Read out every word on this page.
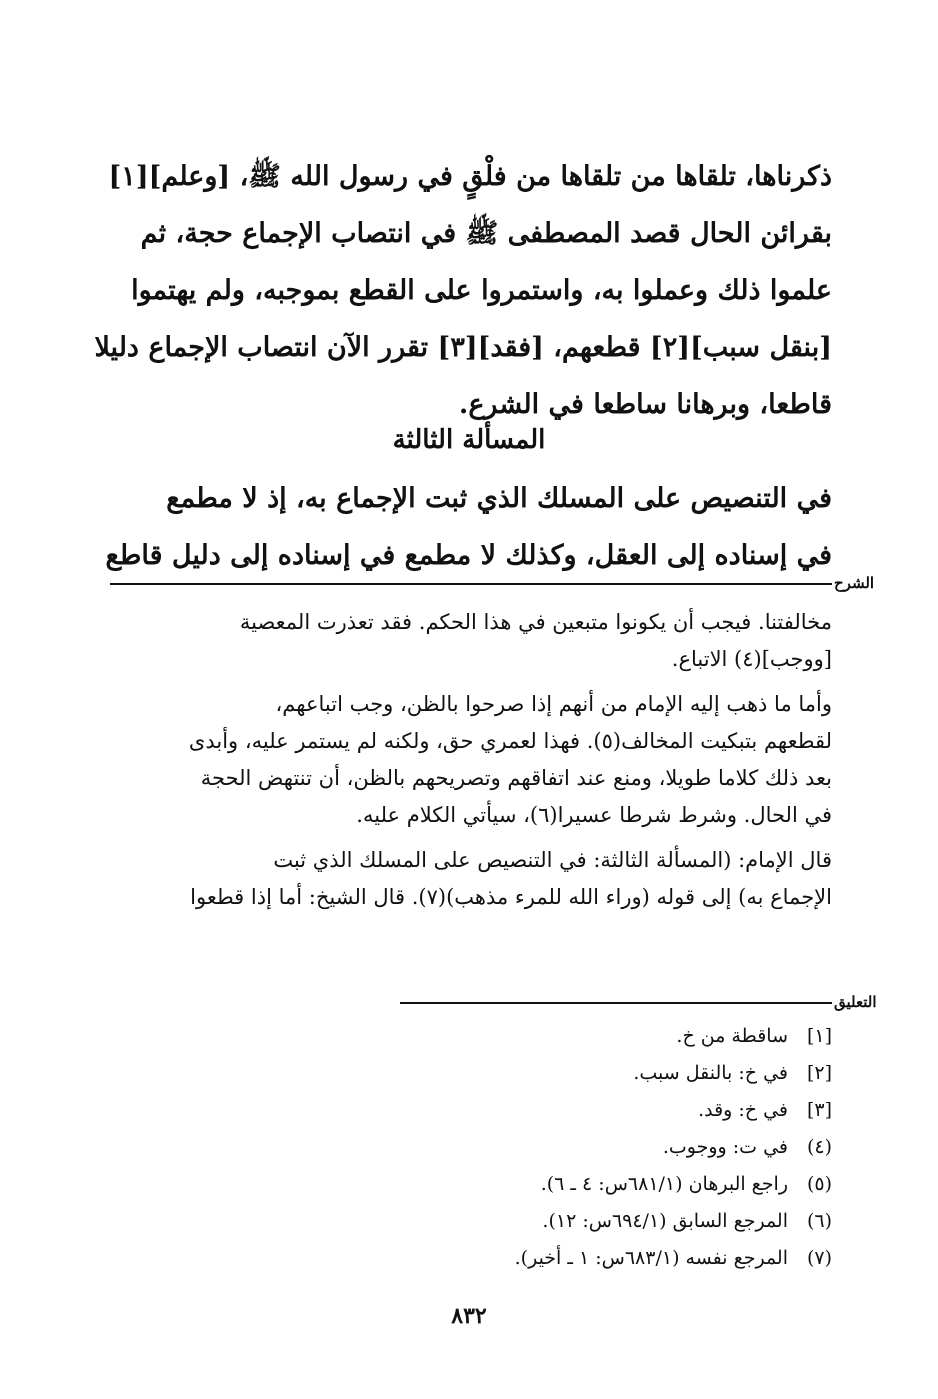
ذكرناها، تلقاها من تلقاها من فلْقٍ في رسول الله ﷺ، [وعلم][١]
بقرائن الحال قصد المصطفى ﷺ في انتصاب الإجماع حجة، ثم
علموا ذلك وعملوا به، واستمروا على القطع بموجبه، ولم يهتموا
[بنقل سبب][٢] قطعهم، [فقد][٣] تقرر الآن انتصاب الإجماع دليلا
قاطعا، وبرهانا ساطعا في الشرع.
المسألة الثالثة
في التنصيص على المسلك الذي ثبت الإجماع به، إذ لا مطمع
في إسناده إلى العقل، وكذلك لا مطمع في إسناده إلى دليل قاطع
الشرح
مخالفتنا. فيجب أن يكونوا متبعين في هذا الحكم. فقد تعذرت المعصية
[ووجب](٤) الاتباع.
وأما ما ذهب إليه الإمام من أنهم إذا صرحوا بالظن، وجب اتباعهم،
لقطعهم بتبكيت المخالف(٥). فهذا لعمري حق، ولكنه لم يستمر عليه، وأبدى
بعد ذلك كلاما طويلا، ومنع عند اتفاقهم وتصريحهم بالظن، أن تنتهض الحجة
في الحال. وشرط شرطا عسيرا(٦)، سيأتي الكلام عليه.
قال الإمام: (المسألة الثالثة: في التنصيص على المسلك الذي ثبت
الإجماع به) إلى قوله (وراء الله للمرء مذهب)(٧). قال الشيخ: أما إذا قطعوا
التعليق
[١]
ساقطة من خ.
[٢]
في خ: بالنقل سبب.
[٣]
في خ: وقد.
(٤)
في ت: ووجوب.
(٥)
راجع البرهان (٦٨١/١س: ٤ ـ ٦).
(٦)
المرجع السابق (٦٩٤/١س: ١٢).
(٧)
المرجع نفسه (٦٨٣/١س: ١ ـ أخير).
٨٣٢
